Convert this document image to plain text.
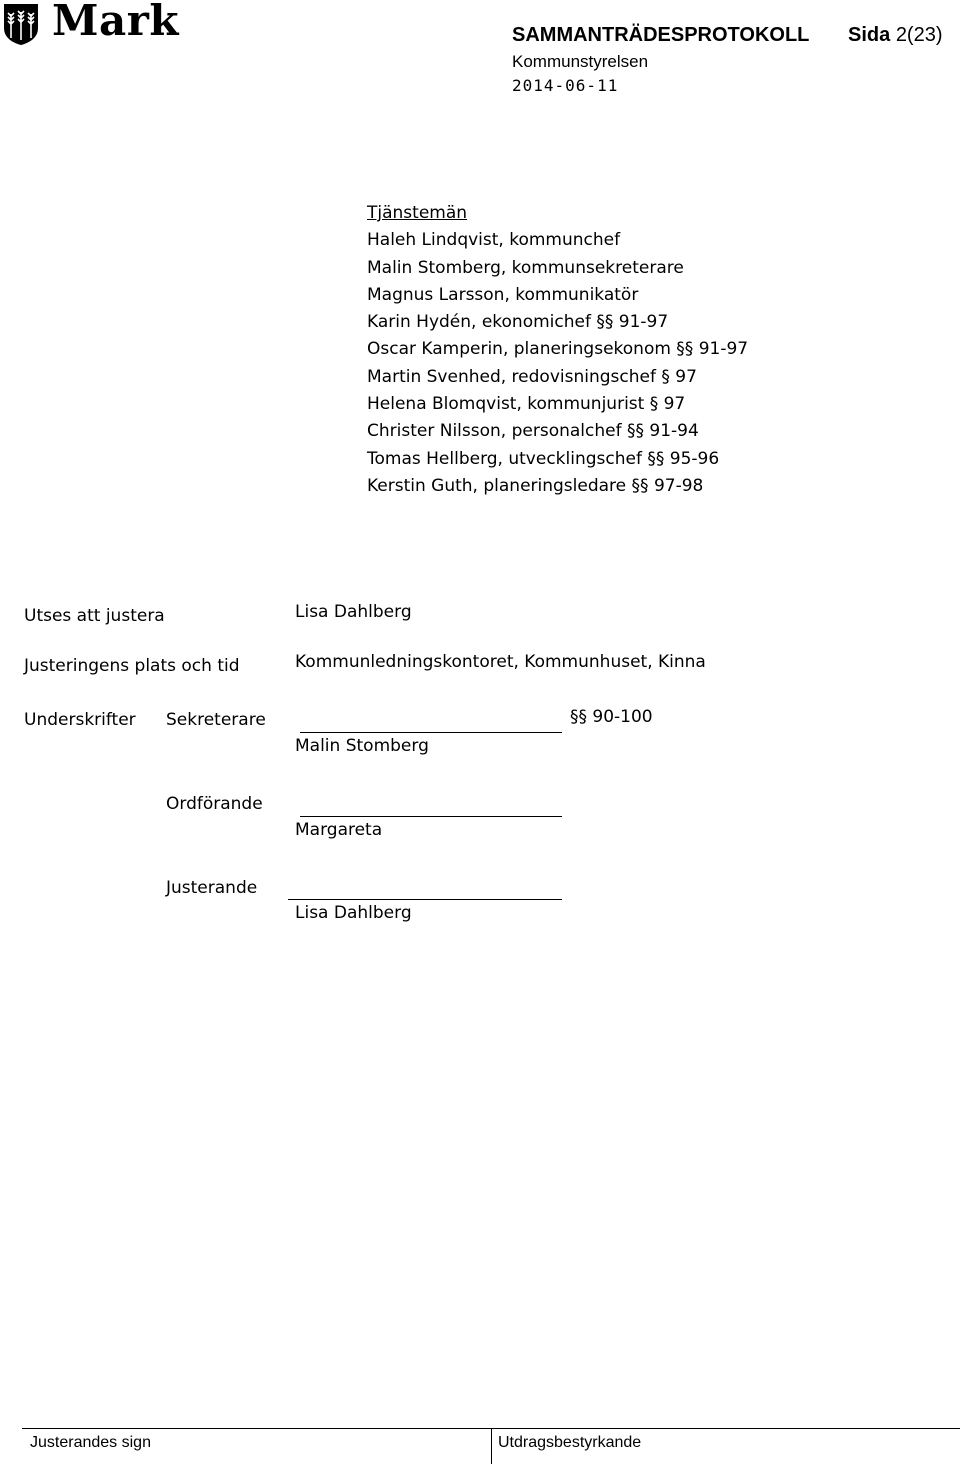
Mark	SAMMANTRÄDESPROTOKOLL Sida 2(23)
Kommunstyrelsen
2014-06-11
Tjänstemän
Haleh Lindqvist, kommunchef
Malin Stomberg, kommunsekreterare
Magnus Larsson, kommunikatör
Karin Hydén, ekonomichef §§ 91-97
Oscar Kamperin, planeringsekonom §§ 91-97
Martin Svenhed, redovisningschef § 97
Helena Blomqvist, kommunjurist § 97
Christer Nilsson, personalchef §§ 91-94
Tomas Hellberg, utvecklingschef §§ 95-96
Kerstin Guth, planeringsledare §§ 97-98
Utses att justera	Lisa Dahlberg
Justeringens plats och tid	Kommunledningskontoret, Kommunhuset, Kinna
Underskrifter Sekreterare	§§ 90-100
Malin Stomberg
Ordförande
Margareta
Justerande
Lisa Dahlberg
Justerandes sign	Utdragsbestyrkande
